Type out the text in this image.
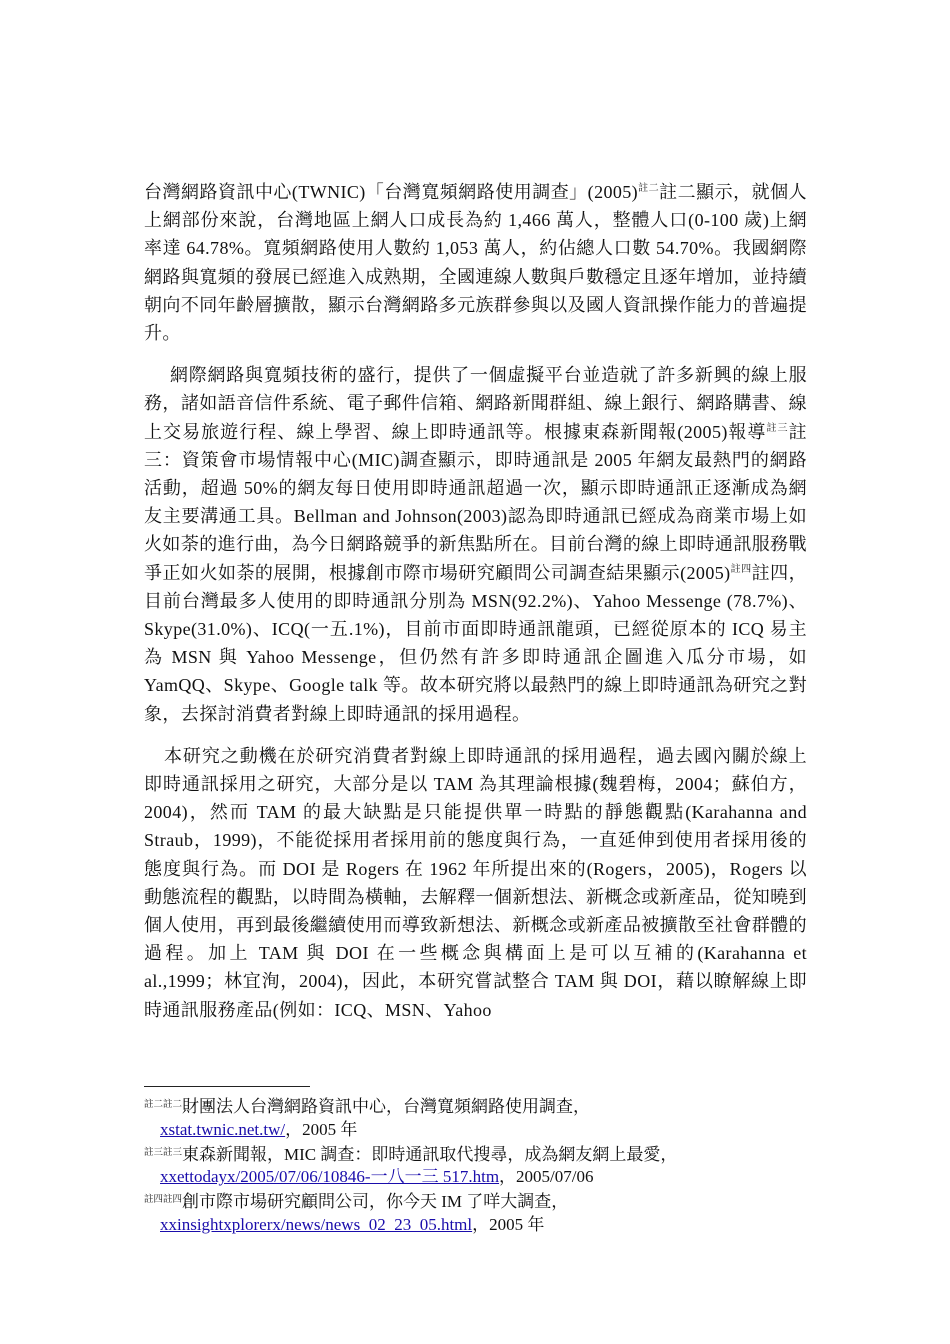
台灣網路資訊中心(TWNIC)「台灣寬頻網路使用調查」$(2005)^{註二}$註二顯示，就個人上網部份來說，台灣地區上網人口成長為約 1,466 萬人，整體人口(0-100 歲)上網率達 64.78%。寬頻網路使用人數約 1,053 萬人，約佔總人口數 54.70%。我國網際網路與寬頻的發展已經進入成熟期，全國連線人數與戶數穩定且逐年增加，並持續朝向不同年齡層擴散，顯示台灣網路多元族群參與以及國人資訊操作能力的普遍提升。

網際網路與寬頻技術的盛行，提供了一個虛擬平台並造就了許多新興的線上服務，諸如語音信件系統、電子郵件信箱、網路新聞群組、線上銀行、網路購書、線上交易旅遊行程、線上學習、線上即時通訊等。根據東森新聞報(2005)報導$^{註三}$註三：資策會市場情報中心(MIC)調查顯示，即時通訊是 2005 年網友最熱門的網路活動，超過 50%的網友每日使用即時通訊超過一次，顯示即時通訊正逐漸成為網友主要溝通工具。Bellman and Johnson(2003)認為即時通訊已經成為商業市場上如火如荼的進行曲，為今日網路競爭的新焦點所在。目前台灣的線上即時通訊服務戰爭正如火如荼的展開，根據創市際市場研究顧問公司調查結果顯示$(2005)^{註四}$註四，目前台灣最多人使用的即時通訊分別為 MSN(92.2%)、Yahoo Messenge (78.7%)、Skype(31.0%)、ICQ(一五.1%)，目前市面即時通訊龍頭，已經從原本的 ICQ 易主為 MSN 與 Yahoo Messenge，但仍然有許多即時通訊企圖進入瓜分市場，如 YamQQ、Skype、Google talk 等。故本研究將以最熱門的線上即時通訊為研究之對象，去探討消費者對線上即時通訊的採用過程。

本研究之動機在於研究消費者對線上即時通訊的採用過程，過去國內關於線上即時通訊採用之研究，大部分是以 TAM 為其理論根據(魏碧梅，2004；蘇伯方，2004)，然而 TAM 的最大缺點是只能提供單一時點的靜態觀點(Karahanna and Straub，1999)，不能從採用者採用前的態度與行為，一直延伸到使用者採用後的態度與行為。而 DOI 是 Rogers 在 1962 年所提出來的(Rogers，2005)，Rogers 以動態流程的觀點，以時間為橫軸，去解釋一個新想法、新概念或新產品，從知曉到個人使用，再到最後繼續使用而導致新想法、新概念或新產品被擴散至社會群體的過程。加上 TAM 與 DOI 在一些概念與構面上是可以互補的(Karahanna et al.,1999；林宜洵，2004)，因此，本研究嘗試整合 TAM 與 DOI，藉以瞭解線上即時通訊服務產品(例如：ICQ、MSN、Yahoo

$^{註二註二}$財團法人台灣網路資訊中心，台灣寬頻網路使用調查，
xstat.twnic.net.tw/，2005 年

$^{註三註三}$東森新聞報，MIC 調查：即時通訊取代搜尋，成為網友網上最愛，
xxettodayx/2005/07/06/10846-一八一三 517.htm，2005/07/06

$^{註四註四}$創市際市場研究顧問公司，你今天 IM 了咩大調查，
xxinsightxplorerx/news/news_02_23_05.html，2005 年
